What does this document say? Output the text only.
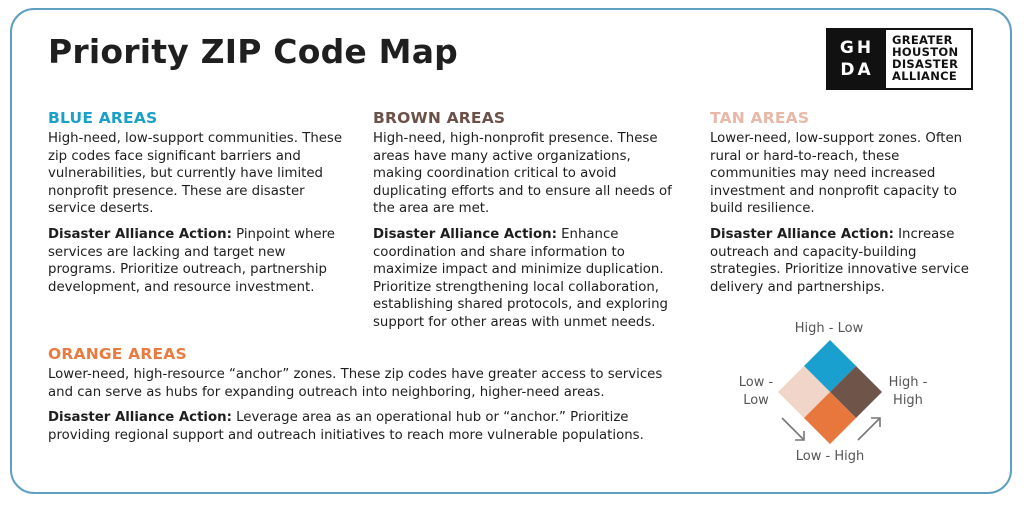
Priority ZIP Code Map	GH
DA
GREATER
HOUSTON
DISASTER
ALLIANCE
BLUE AREAS

High-need, low-support communities. These zip codes face significant barriers and vulnerabilities, but currently have limited nonprofit presence. These are disaster service deserts.

Disaster Alliance Action: Pinpoint where services are lacking and target new programs. Prioritize outreach, partnership development, and resource investment.

BROWN AREAS

High-need, high-nonprofit presence. These areas have many active organizations, making coordination critical to avoid duplicating efforts and to ensure all needs of the area are met.

Disaster Alliance Action: Enhance coordination and share information to maximize impact and minimize duplication. Prioritize strengthening local collaboration, establishing shared protocols, and exploring support for other areas with unmet needs.

TAN AREAS

Lower-need, low-support zones. Often rural or hard-to-reach, these communities may need increased investment and nonprofit capacity to build resilience.

Disaster Alliance Action: Increase outreach and capacity-building strategies. Prioritize innovative service delivery and partnerships.

ORANGE AREAS

Lower-need, high-resource “anchor” zones. These zip codes have greater access to services and can serve as hubs for expanding outreach into neighboring, higher-need areas.

Disaster Alliance Action: Leverage area as an operational hub or “anchor.” Prioritize providing regional support and outreach initiatives to reach more vulnerable populations.

High - Low
Low -
Low
High -
High
Low - High
